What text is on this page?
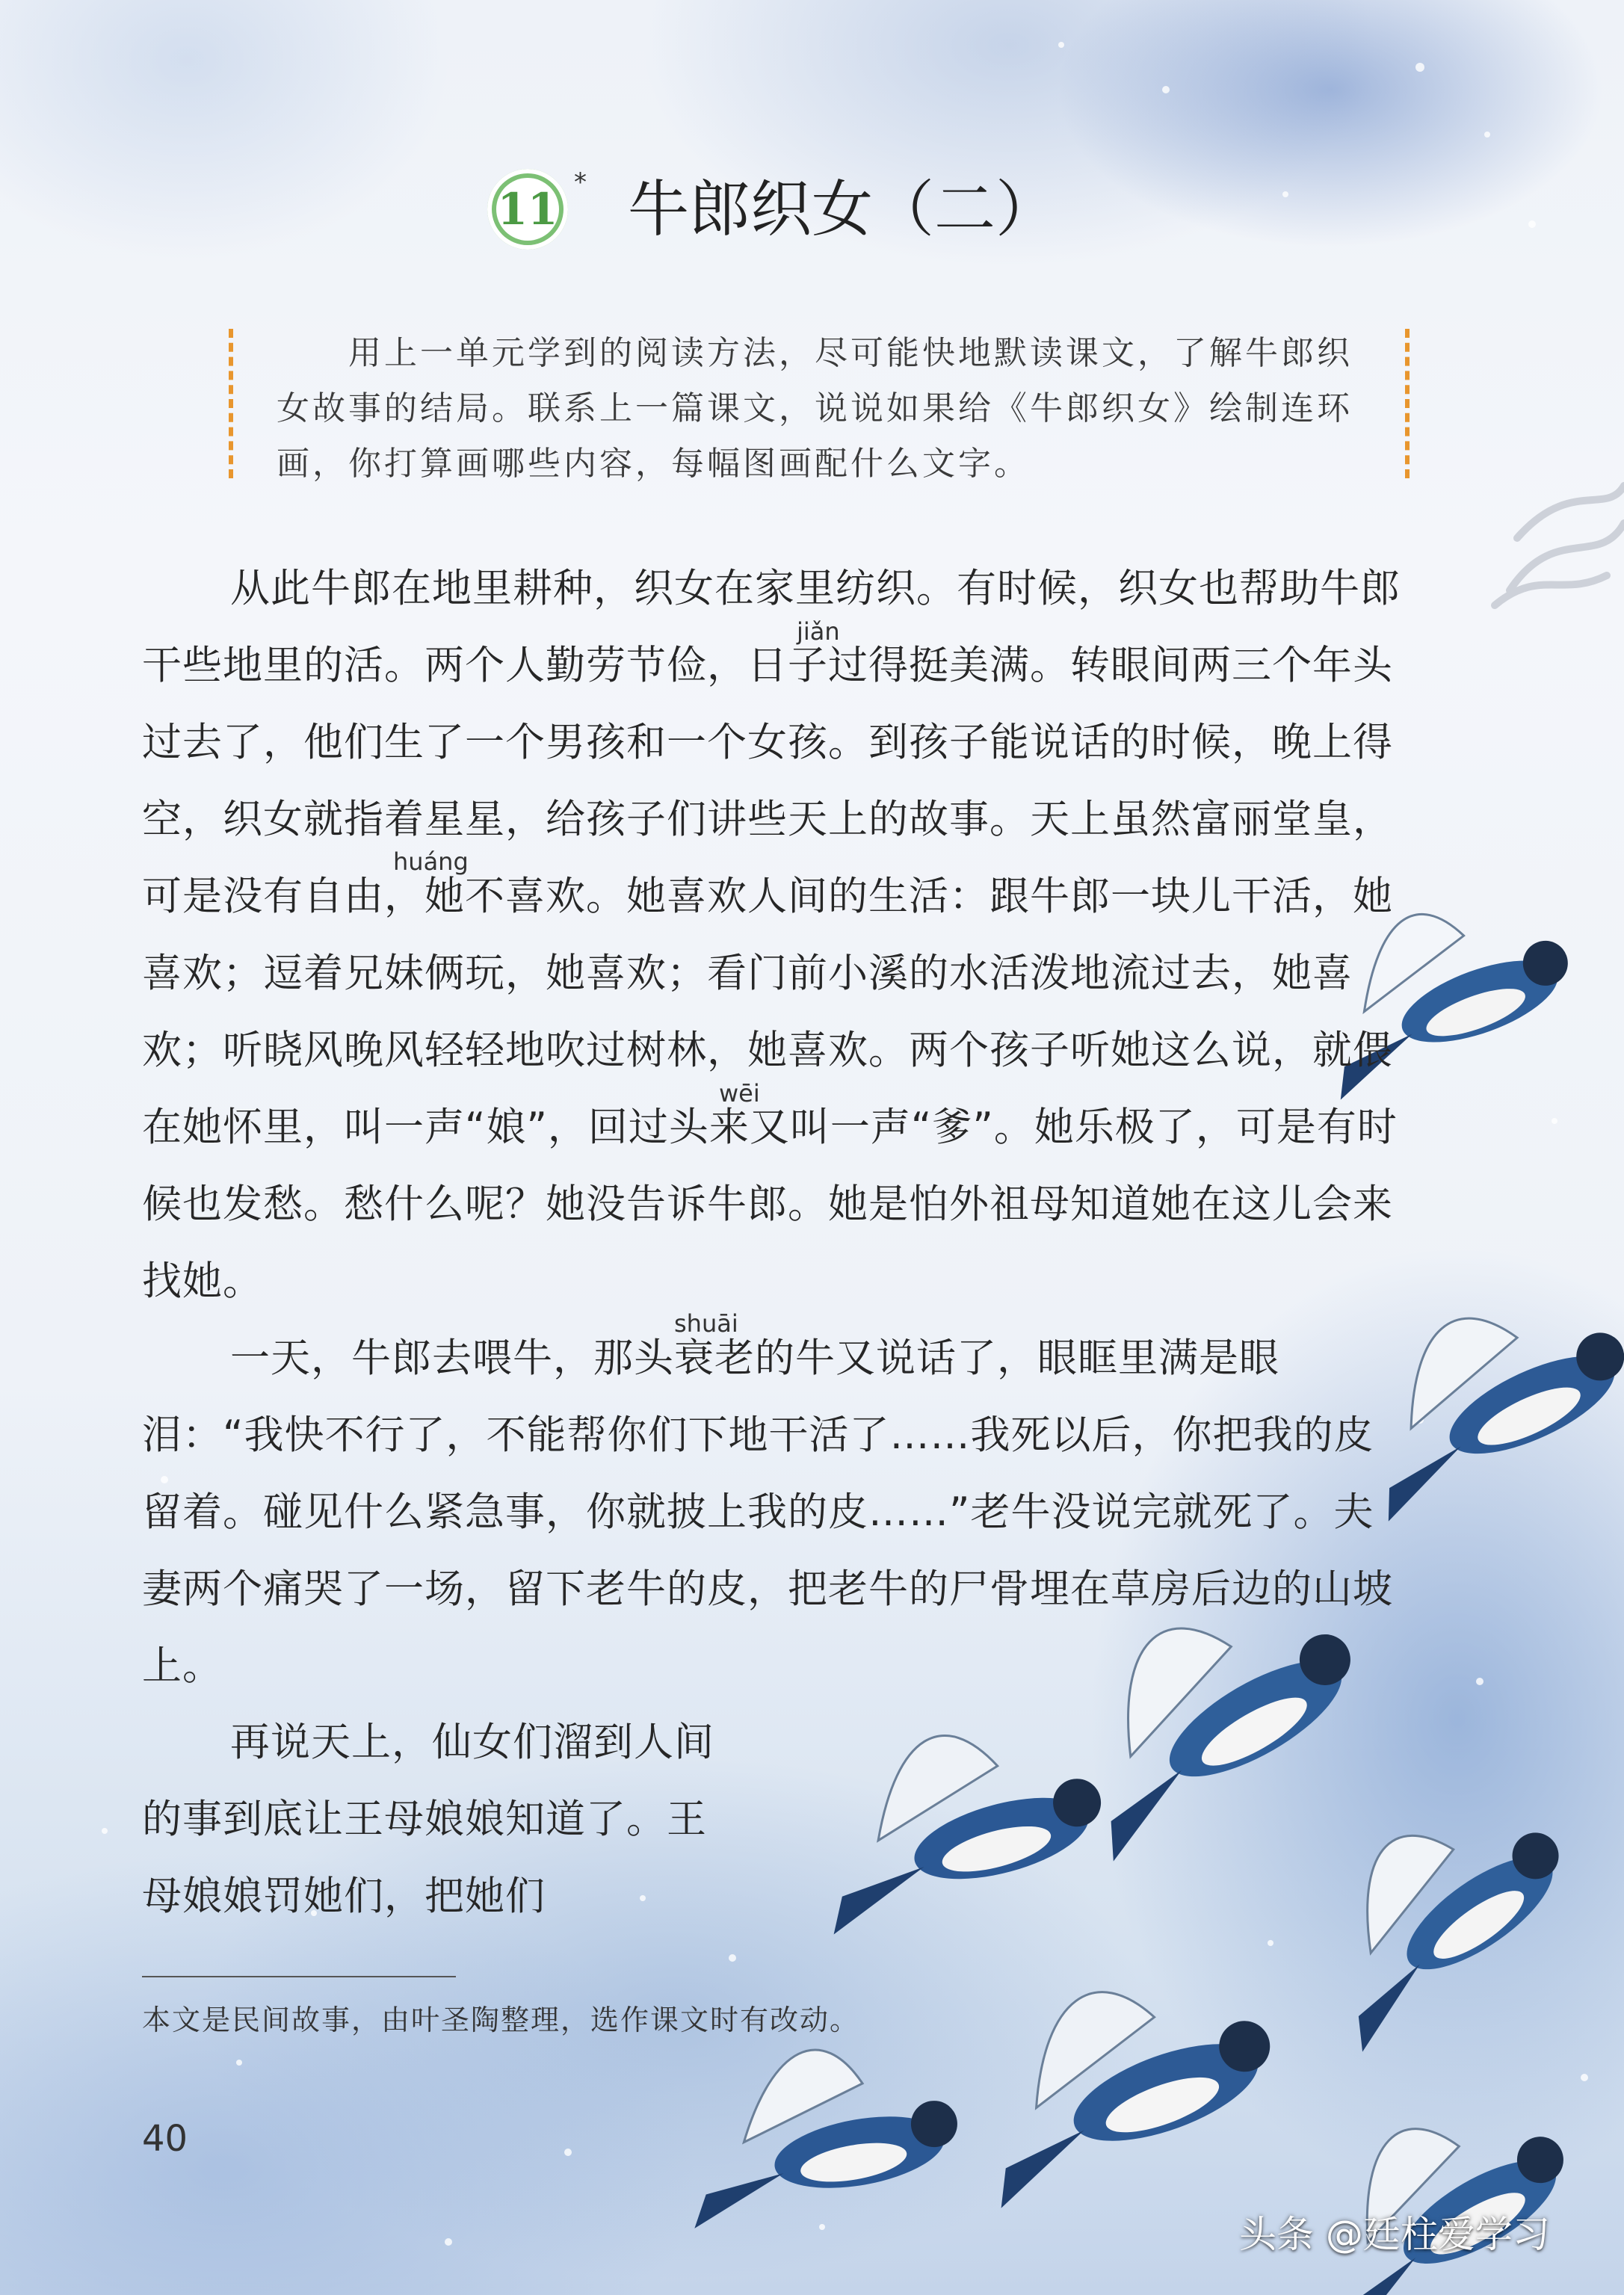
11
* 牛郎织女（二）

用上一单元学到的阅读方法，尽可能快地默读课文，了解牛郎织女故事的结局。联系上一篇课文，说说如果给《牛郎织女》绘制连环画，你打算画哪些内容，每幅图画配什么文字。

jiǎn
huáng
wēi
shuāi

从此牛郎在地里耕种，织女在家里纺织。有时候，织女也帮助牛郎干些地里的活。两个人勤劳节俭，日子过得挺美满。转眼间两三个年头过去了，他们生了一个男孩和一个女孩。到孩子能说话的时候，晚上得空，织女就指着星星，给孩子们讲些天上的故事。天上虽然富丽堂皇，可是没有自由，她不喜欢。她喜欢人间的生活：跟牛郎一块儿干活，她喜欢；逗着兄妹俩玩，她喜欢；看门前小溪的水活泼地流过去，她喜欢；听晓风晚风轻轻地吹过树林，她喜欢。两个孩子听她这么说，就偎在她怀里，叫一声“娘”，回过头来又叫一声“爹”。她乐极了，可是有时候也发愁。愁什么呢？她没告诉牛郎。她是怕外祖母知道她在这儿会来找她。

一天，牛郎去喂牛，那头衰老的牛又说话了，眼眶里满是眼泪：“我快不行了，不能帮你们下地干活了……我死以后，你把我的皮留着。碰见什么紧急事，你就披上我的皮……”老牛没说完就死了。夫妻两个痛哭了一场，留下老牛的皮，把老牛的尸骨埋在草房后边的山坡上。

再说天上，仙女们溜到人间的事到底让王母娘娘知道了。王母娘娘罚她们，把她们

本文是民间故事，由叶圣陶整理，选作课文时有改动。
40
头条 @廷柱爱学习
